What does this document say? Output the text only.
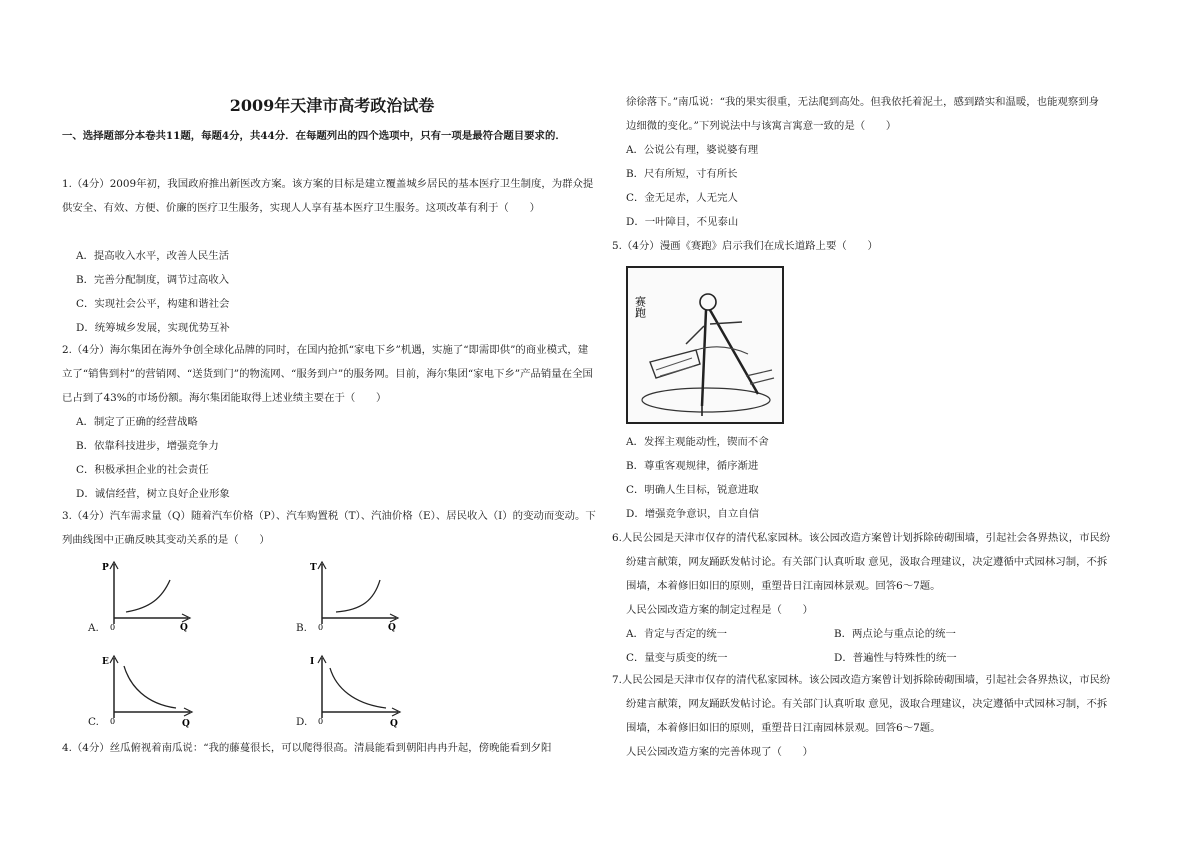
2009年天津市高考政治试卷
一、选择题部分本卷共11题，每题4分，共44分．在每题列出的四个选项中，只有一项是最符合题目要求的．
1.（4分）2009年初，我国政府推出新医改方案。该方案的目标是建立覆盖城乡居民的基本医疗卫生制度，为群众提供安全、有效、方便、价廉的医疗卫生服务，实现人人享有基本医疗卫生服务。这项改革有利于（　　）
A．提高收入水平，改善人民生活
B．完善分配制度，调节过高收入
C．实现社会公平，构建和谐社会
D．统筹城乡发展，实现优势互补
2.（4分）海尔集团在海外争创全球化品牌的同时，在国内抢抓“家电下乡”机遇，实施了“即需即供”的商业模式，建立了“销售到村”的营销网、“送货到门”的物流网、“服务到户”的服务网。目前，海尔集团“家电下乡”产品销量在全国已占到了43%的市场份额。海尔集团能取得上述业绩主要在于（　　）
A．制定了正确的经营战略
B．依靠科技进步，增强竞争力
C．积极承担企业的社会责任
D．诚信经营，树立良好企业形象
3.（4分）汽车需求量（Q）随着汽车价格（P）、汽车购置税（T）、汽油价格（E）、居民收入（I）的变动而变动。下列曲线图中正确反映其变动关系的是（　　）
A.
P
0	Q	B.
T
0	Q
C.
E
0	Q	D.
I
0	Q
4.（4分）丝瓜俯视着南瓜说：“我的藤蔓很长，可以爬得很高。清晨能看到朝阳冉冉升起，傍晚能看到夕阳
徐徐落下。”南瓜说：“我的果实很重，无法爬到高处。但我依托着泥土，感到踏实和温暖，也能观察到身
边细微的变化。”下列说法中与该寓言寓意一致的是（　　）
A．公说公有理，婆说婆有理
B．尺有所短，寸有所长
C．金无足赤，人无完人
D．一叶障目，不见泰山
5.（4分）漫画《赛跑》启示我们在成长道路上要（　　）
赛跑
A．发挥主观能动性，锲而不舍
B．尊重客观规律，循序渐进
C．明确人生目标，锐意进取
D．增强竞争意识，自立自信
6.人民公园是天津市仅存的清代私家园林。该公园改造方案曾计划拆除砖砌围墙，引起社会各界热议，市民纷
纷建言献策，网友踊跃发帖讨论。有关部门认真听取 意见，汲取合理建议，决定遵循中式园林习制，不拆
围墙，本着修旧如旧的原则，重塑昔日江南园林景观。回答6～7题。
人民公园改造方案的制定过程是（　　）
A．肯定与否定的统一	B．两点论与重点论的统一
C．量变与质变的统一	D．普遍性与特殊性的统一
7.人民公园是天津市仅存的清代私家园林。该公园改造方案曾计划拆除砖砌围墙，引起社会各界热议，市民纷
纷建言献策，网友踊跃发帖讨论。有关部门认真听取 意见，汲取合理建议，决定遵循中式园林习制，不拆
围墙，本着修旧如旧的原则，重塑昔日江南园林景观。回答6～7题。
人民公园改造方案的完善体现了（　　）
